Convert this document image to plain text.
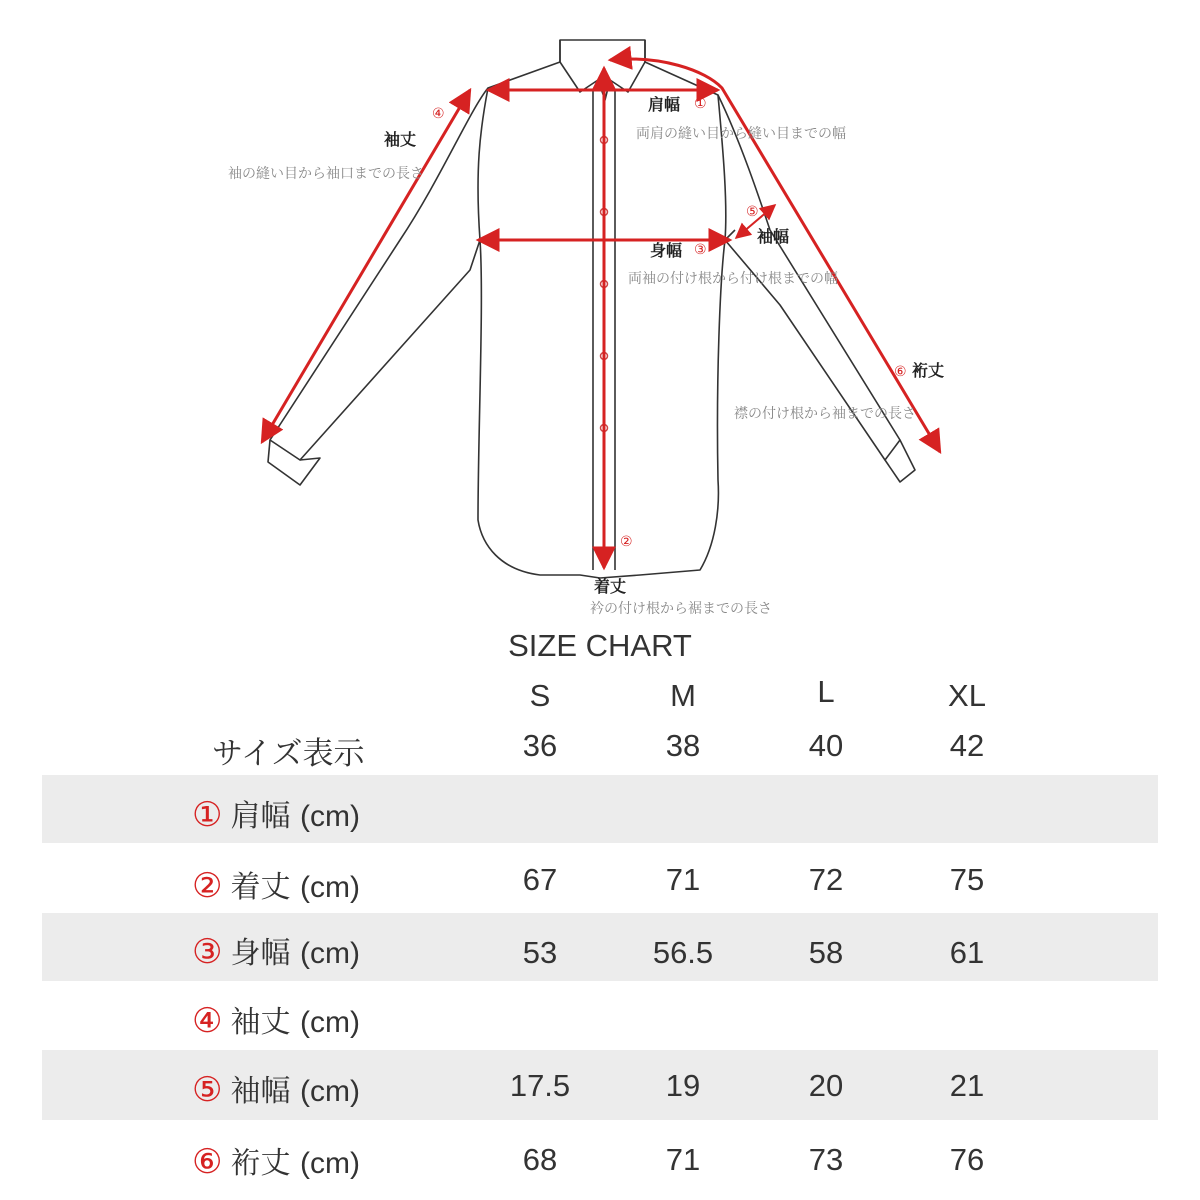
④
袖丈
袖の縫い目から袖口までの長さ
肩幅 ①
両肩の縫い目から縫い目までの幅
⑤
袖幅
身幅 ③
両袖の付け根から付け根までの幅
⑥ 裄丈
襟の付け根から袖までの長さ
②
着丈
衿の付け根から裾までの長さ
SIZE CHART
S	M	L	XL
サイズ表示	36	38	40	42
① 肩幅 (cm)
② 着丈 (cm)	67	71	72	75
③ 身幅 (cm)	53	56.5	58	61
④ 袖丈 (cm)
⑤ 袖幅 (cm)	17.5	19	20	21
⑥ 裄丈 (cm)	68	71	73	76
